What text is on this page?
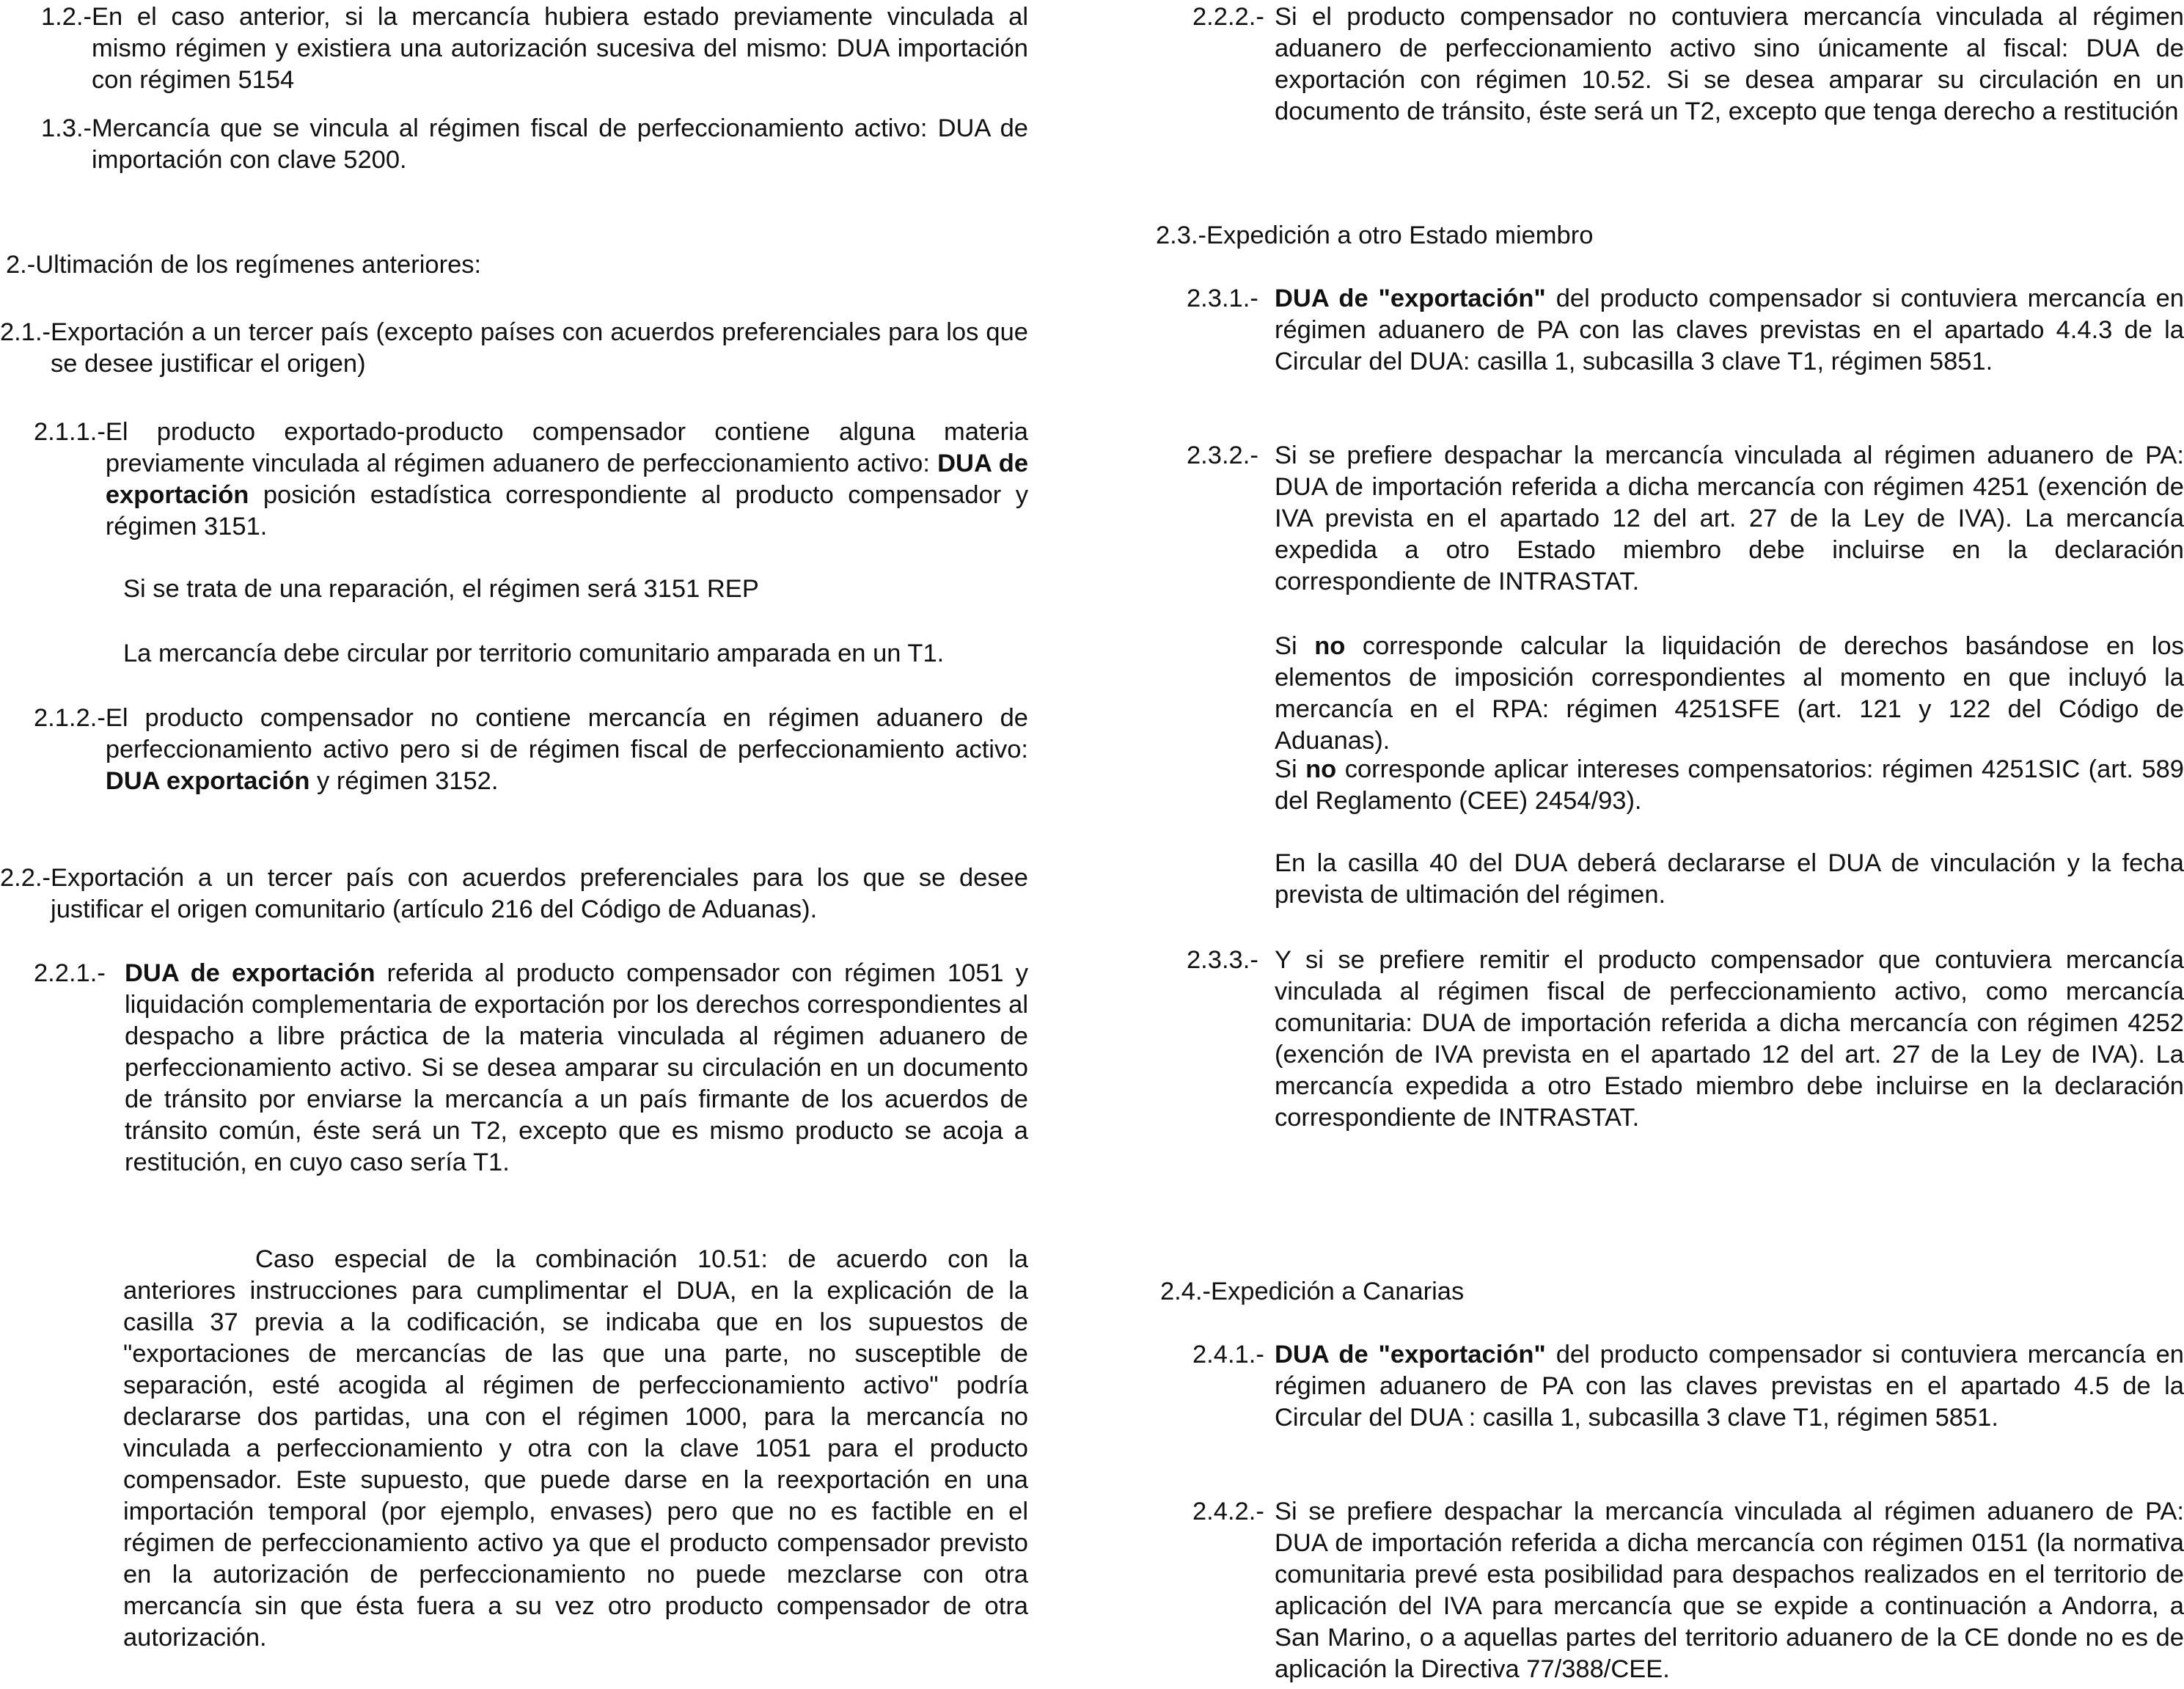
1.2.- En el caso anterior, si la mercancía hubiera estado previamente vinculada al mismo régimen y existiera una autorización sucesiva del mismo: DUA importación con régimen 5154
1.3.- Mercancía que se vincula al régimen fiscal de perfeccionamiento activo: DUA de importación con clave 5200.
2.- Ultimación de los regímenes anteriores:
2.1.- Exportación a un tercer país (excepto países con acuerdos preferenciales para los que se desee justificar el origen)
2.1.1.- El producto exportado-producto compensador contiene alguna materia previamente vinculada al régimen aduanero de perfeccionamiento activo: DUA de exportación posición estadística correspondiente al producto compensador y régimen 3151.
Si se trata de una reparación, el régimen será 3151 REP
La mercancía debe circular por territorio comunitario amparada en un T1.
2.1.2.- El producto compensador no contiene mercancía en régimen aduanero de perfeccionamiento activo pero si de régimen fiscal de perfeccionamiento activo: DUA exportación y régimen 3152.
2.2.- Exportación a un tercer país con acuerdos preferenciales para los que se desee justificar el origen comunitario (artículo 216 del Código de Aduanas).
2.2.1.- DUA de exportación referida al producto compensador con régimen 1051 y liquidación complementaria de exportación por los derechos correspondientes al despacho a libre práctica de la materia vinculada al régimen aduanero de perfeccionamiento activo. Si se desea amparar su circulación en un documento de tránsito por enviarse la mercancía a un país firmante de los acuerdos de tránsito común, éste será un T2, excepto que es mismo producto se acoja a restitución, en cuyo caso sería T1.
Caso especial de la combinación 10.51: de acuerdo con la anteriores instrucciones para cumplimentar el DUA, en la explicación de la casilla 37 previa a la codificación, se indicaba que en los supuestos de "exportaciones de mercancías de las que una parte, no susceptible de separación, esté acogida al régimen de perfeccionamiento activo" podría declararse dos partidas, una con el régimen 1000, para la mercancía no vinculada a perfeccionamiento y otra con la clave 1051 para el producto compensador. Este supuesto, que puede darse en la reexportación en una importación temporal (por ejemplo, envases) pero que no es factible en el régimen de perfeccionamiento activo ya que el producto compensador previsto en la autorización de perfeccionamiento no puede mezclarse con otra mercancía sin que ésta fuera a su vez otro producto compensador de otra autorización.
2.2.2.- Si el producto compensador no contuviera mercancía vinculada al régimen aduanero de perfeccionamiento activo sino únicamente al fiscal: DUA de exportación con régimen 10.52. Si se desea amparar su circulación en un documento de tránsito, éste será un T2, excepto que tenga derecho a restitución
2.3.- Expedición a otro Estado miembro
2.3.1.- DUA de "exportación" del producto compensador si contuviera mercancía en régimen aduanero de PA con las claves previstas en el apartado 4.4.3 de la Circular del DUA: casilla 1, subcasilla 3 clave T1, régimen 5851.
2.3.2.- Si se prefiere despachar la mercancía vinculada al régimen aduanero de PA: DUA de importación referida a dicha mercancía con régimen 4251 (exención de IVA prevista en el apartado 12 del art. 27 de la Ley de IVA). La mercancía expedida a otro Estado miembro debe incluirse en la declaración correspondiente de INTRASTAT.
Si no corresponde calcular la liquidación de derechos basándose en los elementos de imposición correspondientes al momento en que incluyó la mercancía en el RPA: régimen 4251SFE (art. 121 y 122 del Código de Aduanas).
Si no corresponde aplicar intereses compensatorios: régimen 4251SIC (art. 589 del Reglamento (CEE) 2454/93).
En la casilla 40 del DUA deberá declararse el DUA de vinculación y la fecha prevista de ultimación del régimen.
2.3.3.- Y si se prefiere remitir el producto compensador que contuviera mercancía vinculada al régimen fiscal de perfeccionamiento activo, como mercancía comunitaria: DUA de importación referida a dicha mercancía con régimen 4252 (exención de IVA prevista en el apartado 12 del art. 27 de la Ley de IVA). La mercancía expedida a otro Estado miembro debe incluirse en la declaración correspondiente de INTRASTAT.
2.4.- Expedición a Canarias
2.4.1.- DUA de "exportación" del producto compensador si contuviera mercancía en régimen aduanero de PA con las claves previstas en el apartado 4.5 de la Circular del DUA : casilla 1, subcasilla 3 clave T1, régimen 5851.
2.4.2.- Si se prefiere despachar la mercancía vinculada al régimen aduanero de PA: DUA de importación referida a dicha mercancía con régimen 0151 (la normativa comunitaria prevé esta posibilidad para despachos realizados en el territorio de aplicación del IVA para mercancía que se expide a continuación a Andorra, a San Marino, o a aquellas partes del territorio aduanero de la CE donde no es de aplicación la Directiva 77/388/CEE.
